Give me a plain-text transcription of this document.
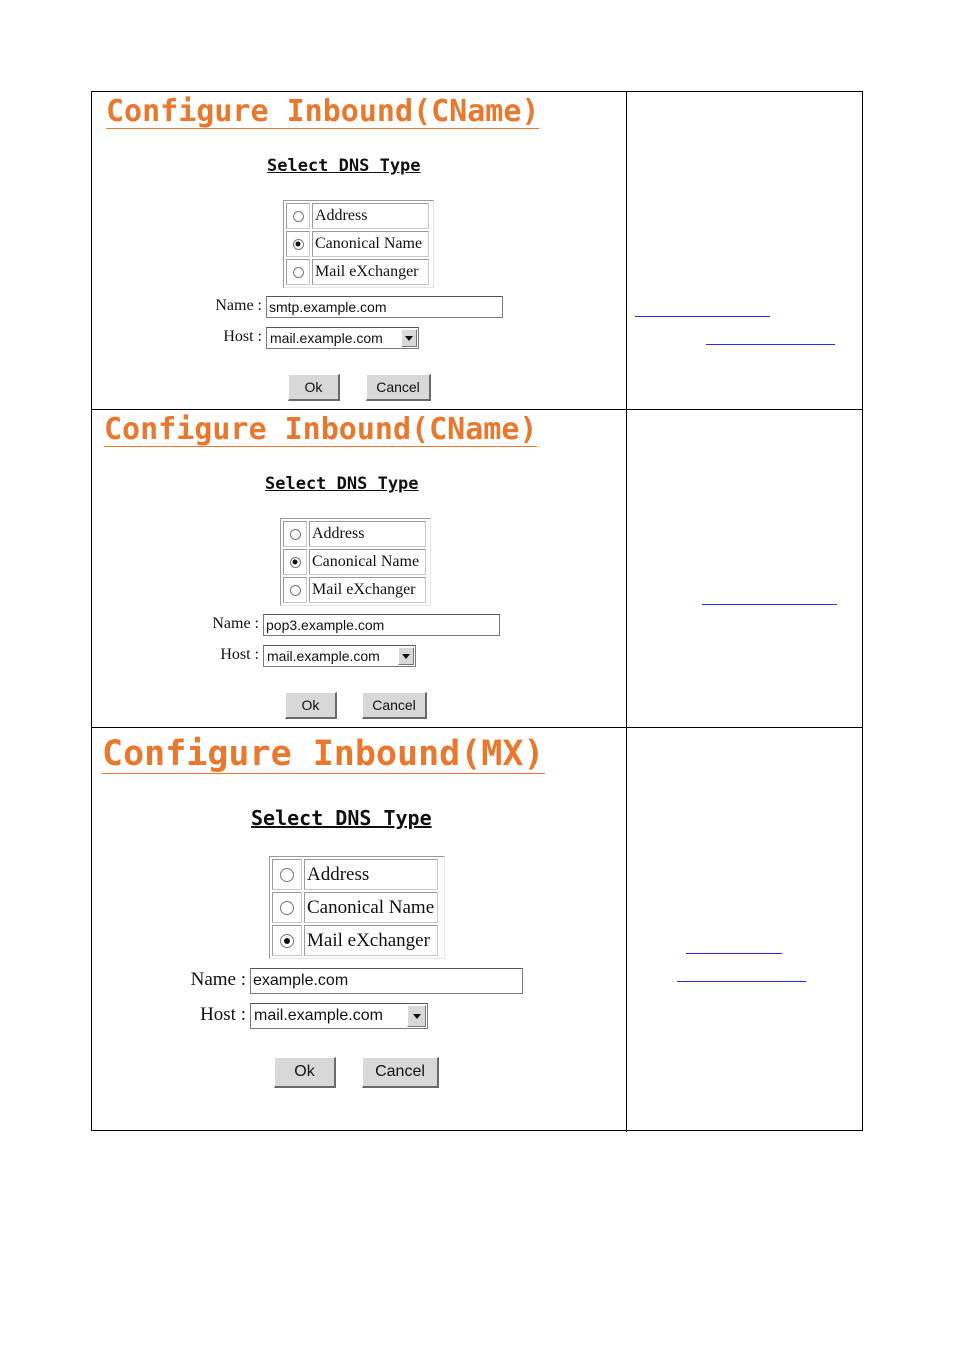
Configure Inbound(CName)
Select DNS Type
Address
Canonical Name
Mail eXchanger
Name : smtp.example.com
Host : mail.example.com
Ok	Cancel
Configure Inbound(CName)
Select DNS Type
Address
Canonical Name
Mail eXchanger
Name : pop3.example.com
Host : mail.example.com
Ok	Cancel
Configure Inbound(MX)
Select DNS Type
Address
Canonical Name
Mail eXchanger
Name : example.com
Host : mail.example.com
Ok	Cancel
